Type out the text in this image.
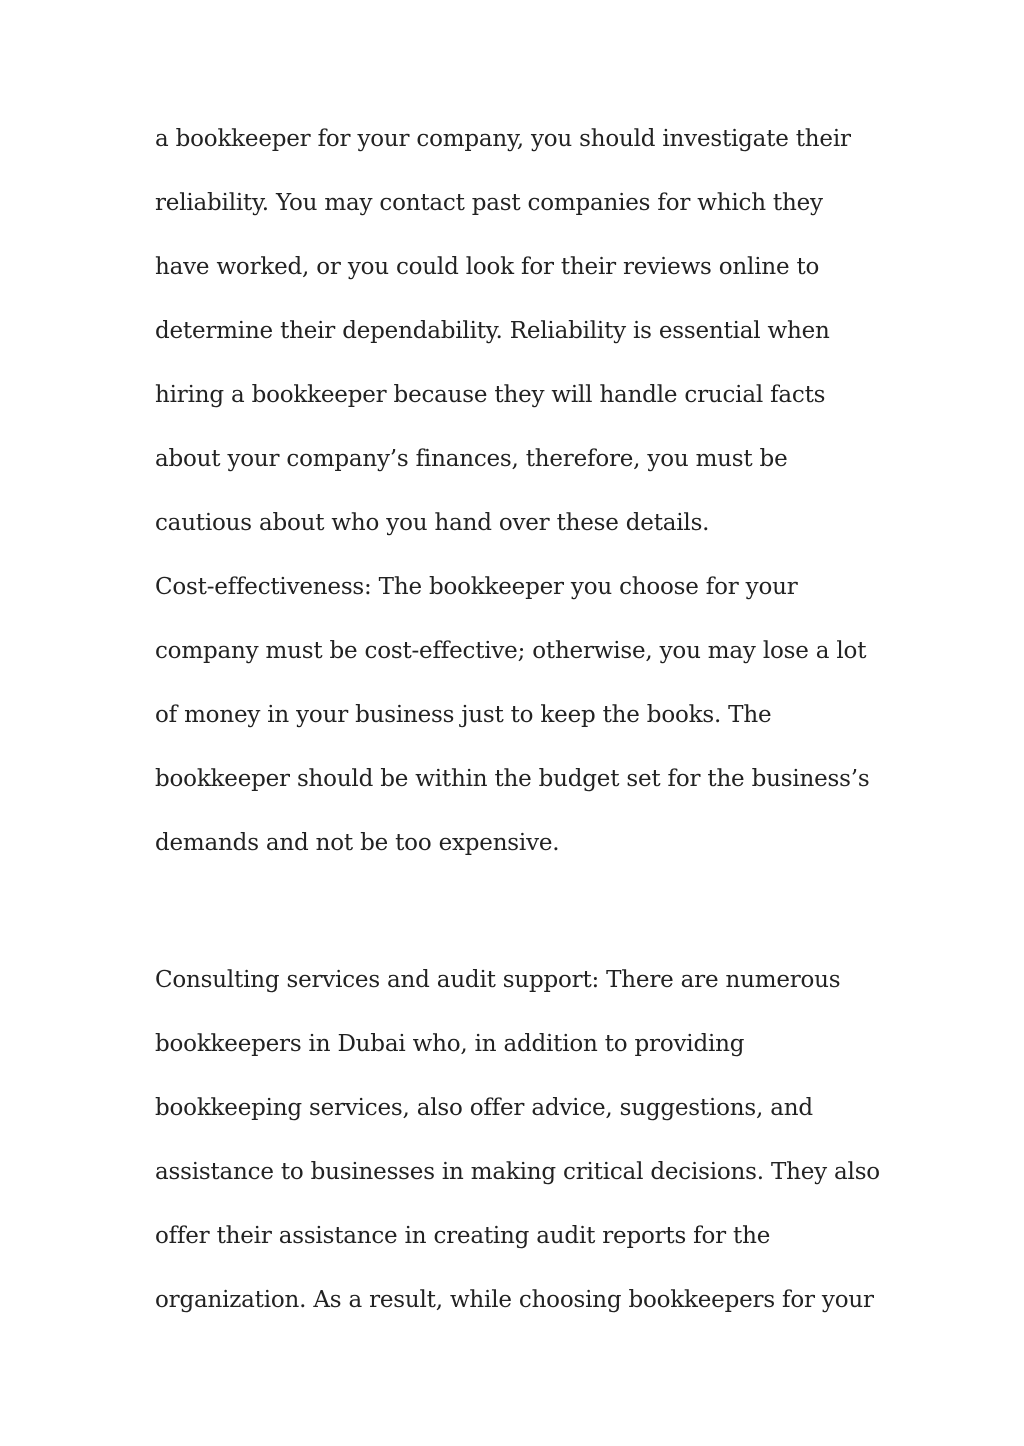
a bookkeeper for your company, you should investigate their
reliability. You may contact past companies for which they
have worked, or you could look for their reviews online to
determine their dependability. Reliability is essential when
hiring a bookkeeper because they will handle crucial facts
about your company’s finances, therefore, you must be
cautious about who you hand over these details.
Cost-effectiveness: The bookkeeper you choose for your
company must be cost-effective; otherwise, you may lose a lot
of money in your business just to keep the books. The
bookkeeper should be within the budget set for the business’s
demands and not be too expensive.
Consulting services and audit support: There are numerous
bookkeepers in Dubai who, in addition to providing
bookkeeping services, also offer advice, suggestions, and
assistance to businesses in making critical decisions. They also
offer their assistance in creating audit reports for the
organization. As a result, while choosing bookkeepers for your
